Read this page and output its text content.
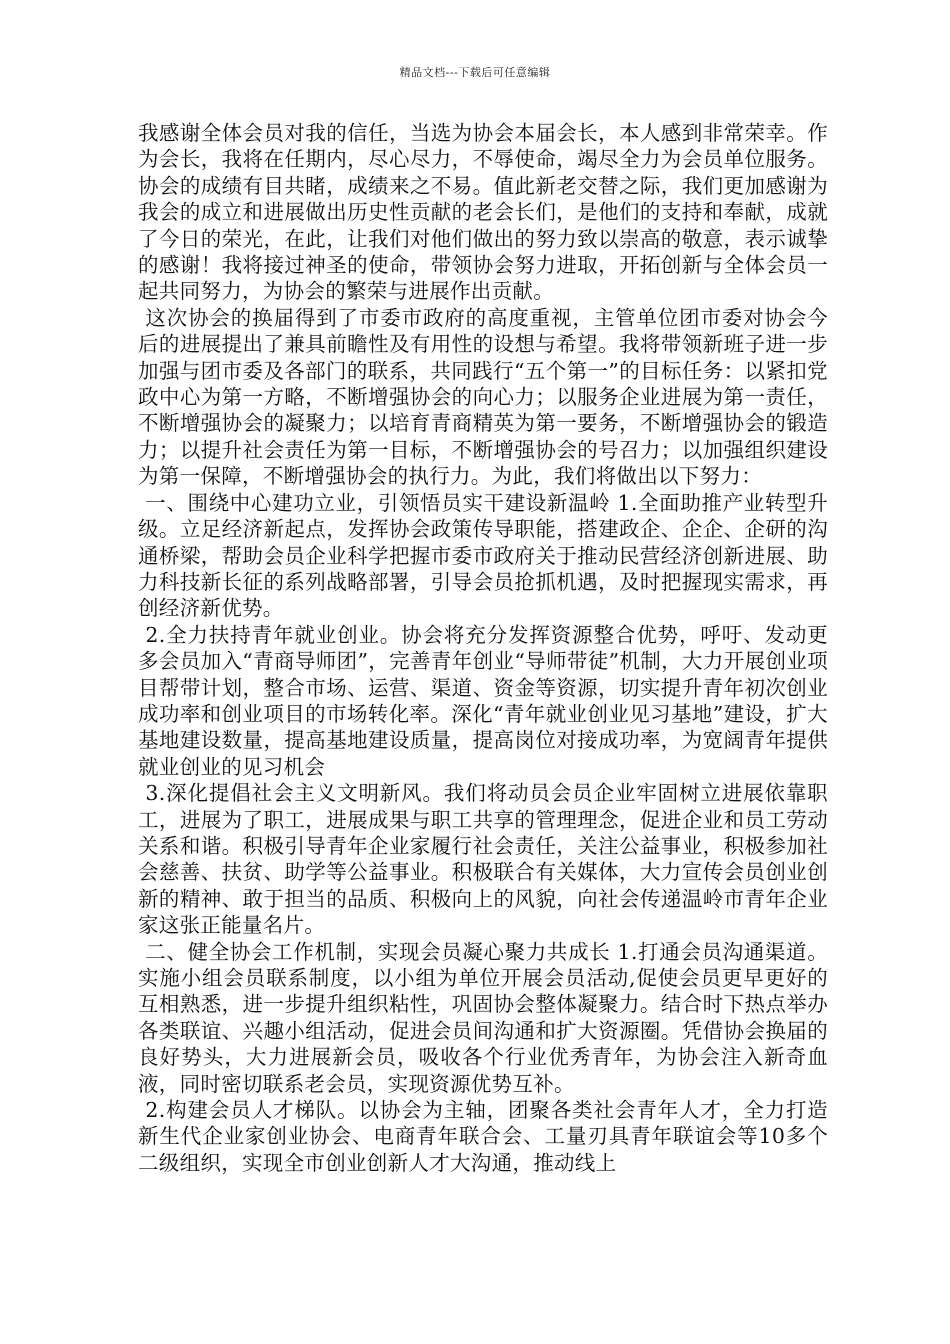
精品文档---下载后可任意编辑

我感谢全体会员对我的信任，当选为协会本届会长，本人感到非常荣幸。作为会长，我将在任期内，尽心尽力，不辱使命，竭尽全力为会员单位服务。协会的成绩有目共睹，成绩来之不易。值此新老交替之际，我们更加感谢为我会的成立和进展做出历史性贡献的老会长们，是他们的支持和奉献，成就了今日的荣光，在此，让我们对他们做出的努力致以崇高的敬意，表示诚挚的感谢！我将接过神圣的使命，带领协会努力进取，开拓创新与全体会员一起共同努力，为协会的繁荣与进展作出贡献。

这次协会的换届得到了市委市政府的高度重视，主管单位团市委对协会今后的进展提出了兼具前瞻性及有用性的设想与希望。我将带领新班子进一步加强与团市委及各部门的联系，共同践行“五个第一”的目标任务：以紧扣党政中心为第一方略，不断增强协会的向心力；以服务企业进展为第一责任，不断增强协会的凝聚力；以培育青商精英为第一要务，不断增强协会的锻造力；以提升社会责任为第一目标，不断增强协会的号召力；以加强组织建设为第一保障，不断增强协会的执行力。为此，我们将做出以下努力：

一、围绕中心建功立业，引领悟员实干建设新温岭 1.全面助推产业转型升级。立足经济新起点，发挥协会政策传导职能，搭建政企、企企、企研的沟通桥梁，帮助会员企业科学把握市委市政府关于推动民营经济创新进展、助力科技新长征的系列战略部署，引导会员抢抓机遇，及时把握现实需求，再创经济新优势。

2.全力扶持青年就业创业。协会将充分发挥资源整合优势，呼吁、发动更多会员加入“青商导师团”，完善青年创业“导师带徒”机制，大力开展创业项目帮带计划，整合市场、运营、渠道、资金等资源，切实提升青年初次创业成功率和创业项目的市场转化率。深化“青年就业创业见习基地”建设，扩大基地建设数量，提高基地建设质量，提高岗位对接成功率，为宽阔青年提供就业创业的见习机会

3.深化提倡社会主义文明新风。我们将动员会员企业牢固树立进展依靠职工，进展为了职工，进展成果与职工共享的管理理念，促进企业和员工劳动关系和谐。积极引导青年企业家履行社会责任，关注公益事业，积极参加社会慈善、扶贫、助学等公益事业。积极联合有关媒体，大力宣传会员创业创新的精神、敢于担当的品质、积极向上的风貌，向社会传递温岭市青年企业家这张正能量名片。

二、健全协会工作机制，实现会员凝心聚力共成长 1.打通会员沟通渠道。实施小组会员联系制度，以小组为单位开展会员活动,促使会员更早更好的互相熟悉，进一步提升组织粘性，巩固协会整体凝聚力。结合时下热点举办各类联谊、兴趣小组活动，促进会员间沟通和扩大资源圈。凭借协会换届的良好势头，大力进展新会员，吸收各个行业优秀青年，为协会注入新奇血液，同时密切联系老会员，实现资源优势互补。

2.构建会员人才梯队。以协会为主轴，团聚各类社会青年人才，全力打造新生代企业家创业协会、电商青年联合会、工量刃具青年联谊会等10多个二级组织，实现全市创业创新人才大沟通，推动线上
